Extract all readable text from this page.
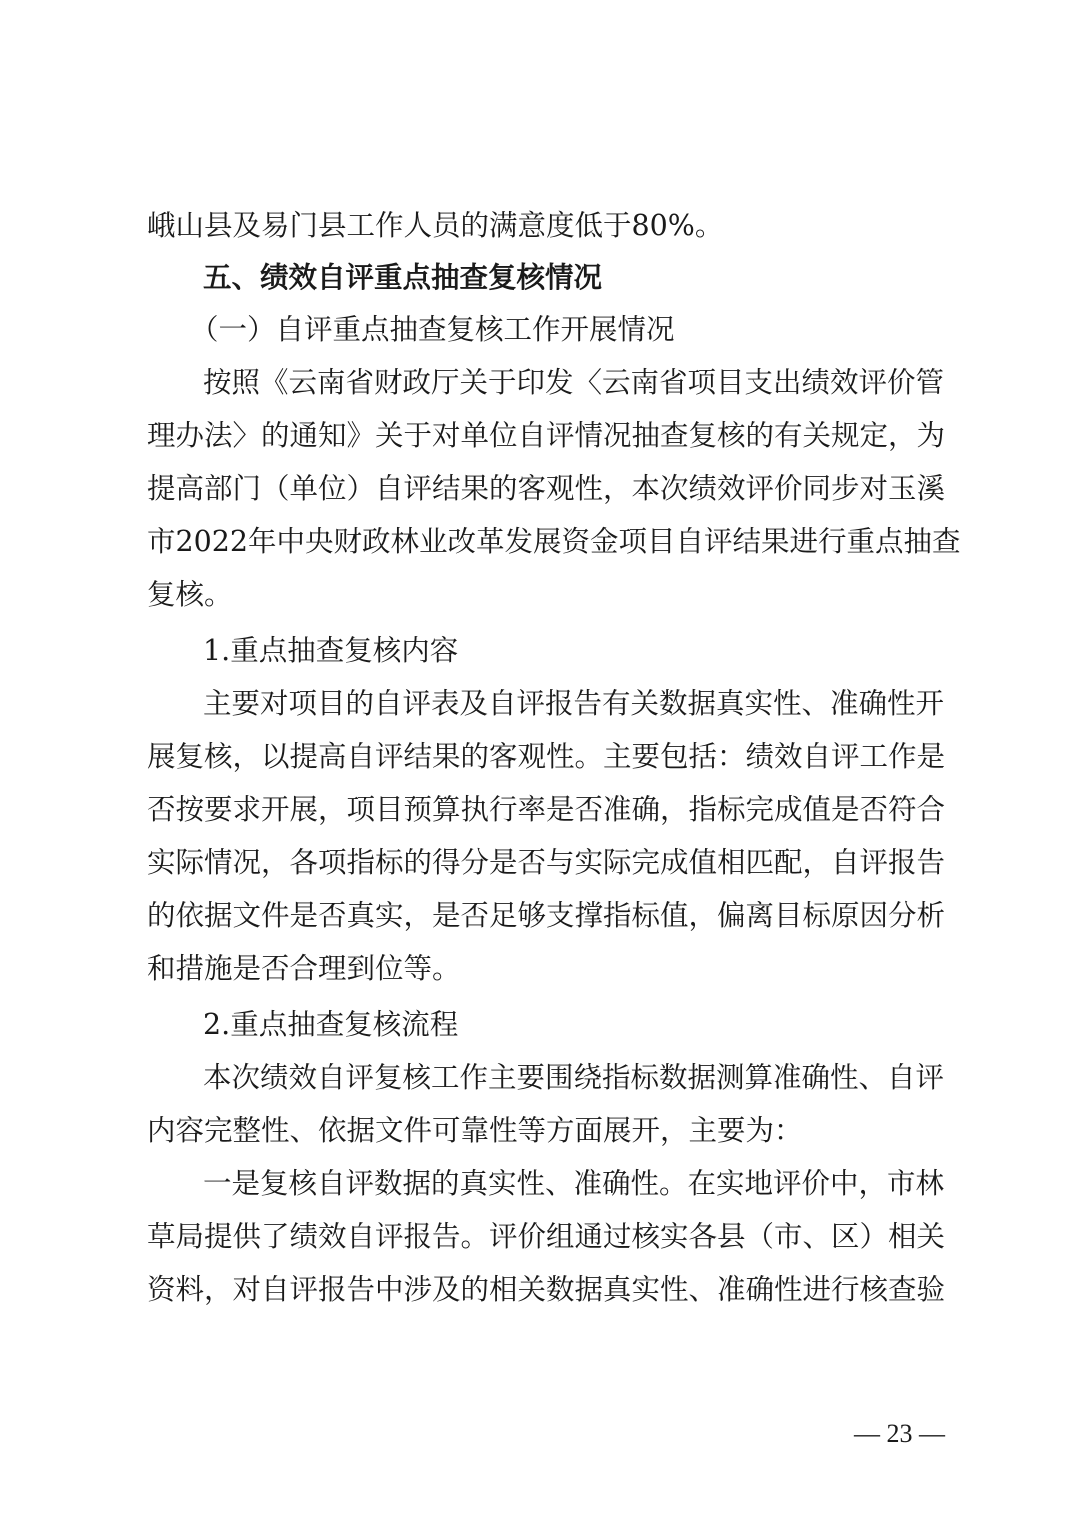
峨山县及易门县工作人员的满意度低于80%。
五、绩效自评重点抽查复核情况
（一）自评重点抽查复核工作开展情况
按照《云南省财政厅关于印发〈云南省项目支出绩效评价管
理办法〉的通知》关于对单位自评情况抽查复核的有关规定，为
提高部门（单位）自评结果的客观性，本次绩效评价同步对玉溪
市2022年中央财政林业改革发展资金项目自评结果进行重点抽查
复核。
1.重点抽查复核内容
主要对项目的自评表及自评报告有关数据真实性、准确性开
展复核，以提高自评结果的客观性。主要包括：绩效自评工作是
否按要求开展，项目预算执行率是否准确，指标完成值是否符合
实际情况，各项指标的得分是否与实际完成值相匹配，自评报告
的依据文件是否真实，是否足够支撑指标值，偏离目标原因分析
和措施是否合理到位等。
2.重点抽查复核流程
本次绩效自评复核工作主要围绕指标数据测算准确性、自评
内容完整性、依据文件可靠性等方面展开，主要为：
一是复核自评数据的真实性、准确性。在实地评价中，市林
草局提供了绩效自评报告。评价组通过核实各县（市、区）相关
资料，对自评报告中涉及的相关数据真实性、准确性进行核查验
— 23 —
